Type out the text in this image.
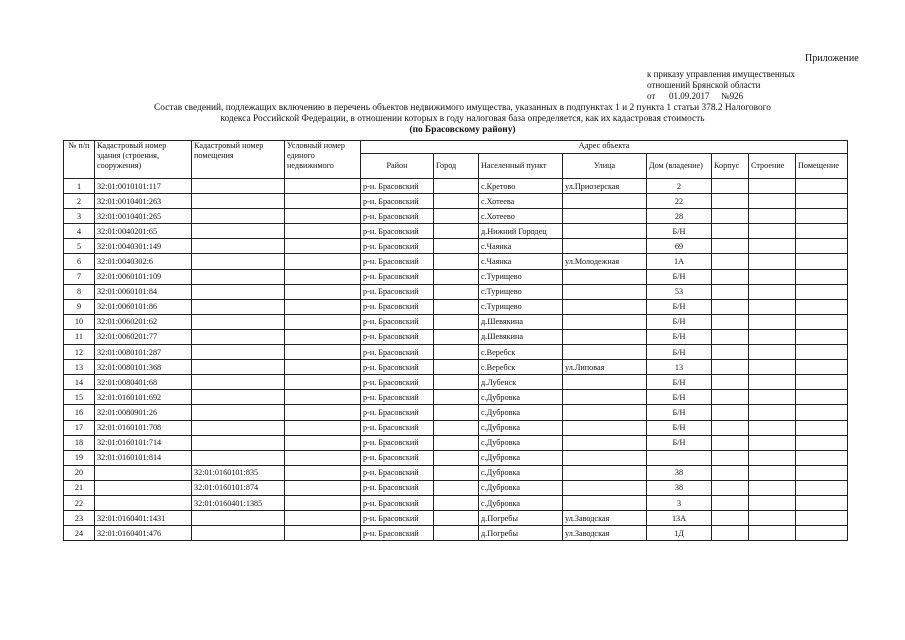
Приложение
к приказу управления имущественных
отношений Брянской области
от 01.09.2017 №926
Состав сведений, подлежащих включению в перечень объектов недвижимого имущества, указанных в подпунктах 1 и 2 пункта 1 статьи 378.2 Налогового
кодекса Российской Федерации, в отношении которых в году налоговая база определяется, как их кадастровая стоимость
(по Брасовскому району)
№ п/п	Кадастровый номер здания (строения, сооружения)	Кадастровый номер помещения	Условный номер единого недвижимого	Адрес объекта							
				Район	Город	Населенный пункт	Улица	Дом (владение)	Корпус	Строение	Помещение
1	32:01:0010101:117			р-н. Брасовский		с.Кретово	ул.Приозерская	2			
2	32:01:0010401:263			р-н. Брасовский		с.Хотеева		22			
3	32:01:0010401:265			р-н. Брасовский		с.Хотеево		28			
4	32:01:0040201:65			р-н. Брасовский		д.Нижний Городец		Б/Н			
5	32:01:0040301:149			р-н. Брасовский		с.Чаянка		69			
6	32:01:0040302:6			р-н. Брасовский		с.Чаянка	ул.Молодежная	1А			
7	32:01:0060101:109			р-н. Брасовский		с.Турищево		Б/Н			
8	32:01:0060101:84			р-н. Брасовский		с.Турищево		53			
9	32:01:0060101:86			р-н. Брасовский		с.Турищево		Б/Н			
10	32:01:0060201:62			р-н. Брасовский		д.Шевякина		Б/Н			
11	32:01:0060201:77			р-н. Брасовский		д.Шевякина		Б/Н			
12	32:01:0080101:287			р-н. Брасовский		с.Веребск		Б/Н			
13	32:01:0080101:368			р-н. Брасовский		с.Веребск	ул.Липовая	13			
14	32:01:0080401:68			р-н. Брасовский		д.Лубенск		Б/Н			
15	32:01:0160101:692			р-н. Брасовский		с.Дубровка		Б/Н			
16	32:01:0080901:26			р-н. Брасовский		с.Дубровка		Б/Н			
17	32:01:0160101:708			р-н. Брасовский		с.Дубровка		Б/Н			
18	32:01:0160101:714			р-н. Брасовский		с.Дубровка		Б/Н			
19	32:01:0160101:814			р-н. Брасовский		с.Дубровка					
20		32:01:0160101:835		р-н. Брасовский		с.Дубровка		38			
21		32:01:0160101:874		р-н. Брасовский		с.Дубровка		38			
22		32:01:0160401:1385		р-н. Брасовский		с.Дубровка		3			
23	32:01:0160401:1431			р-н. Брасовский		д.Погребы	ул.Заводская	13А			
24	32:01:0160401:476			р-н. Брасовский		д.Погребы	ул.Заводская	1Д			
